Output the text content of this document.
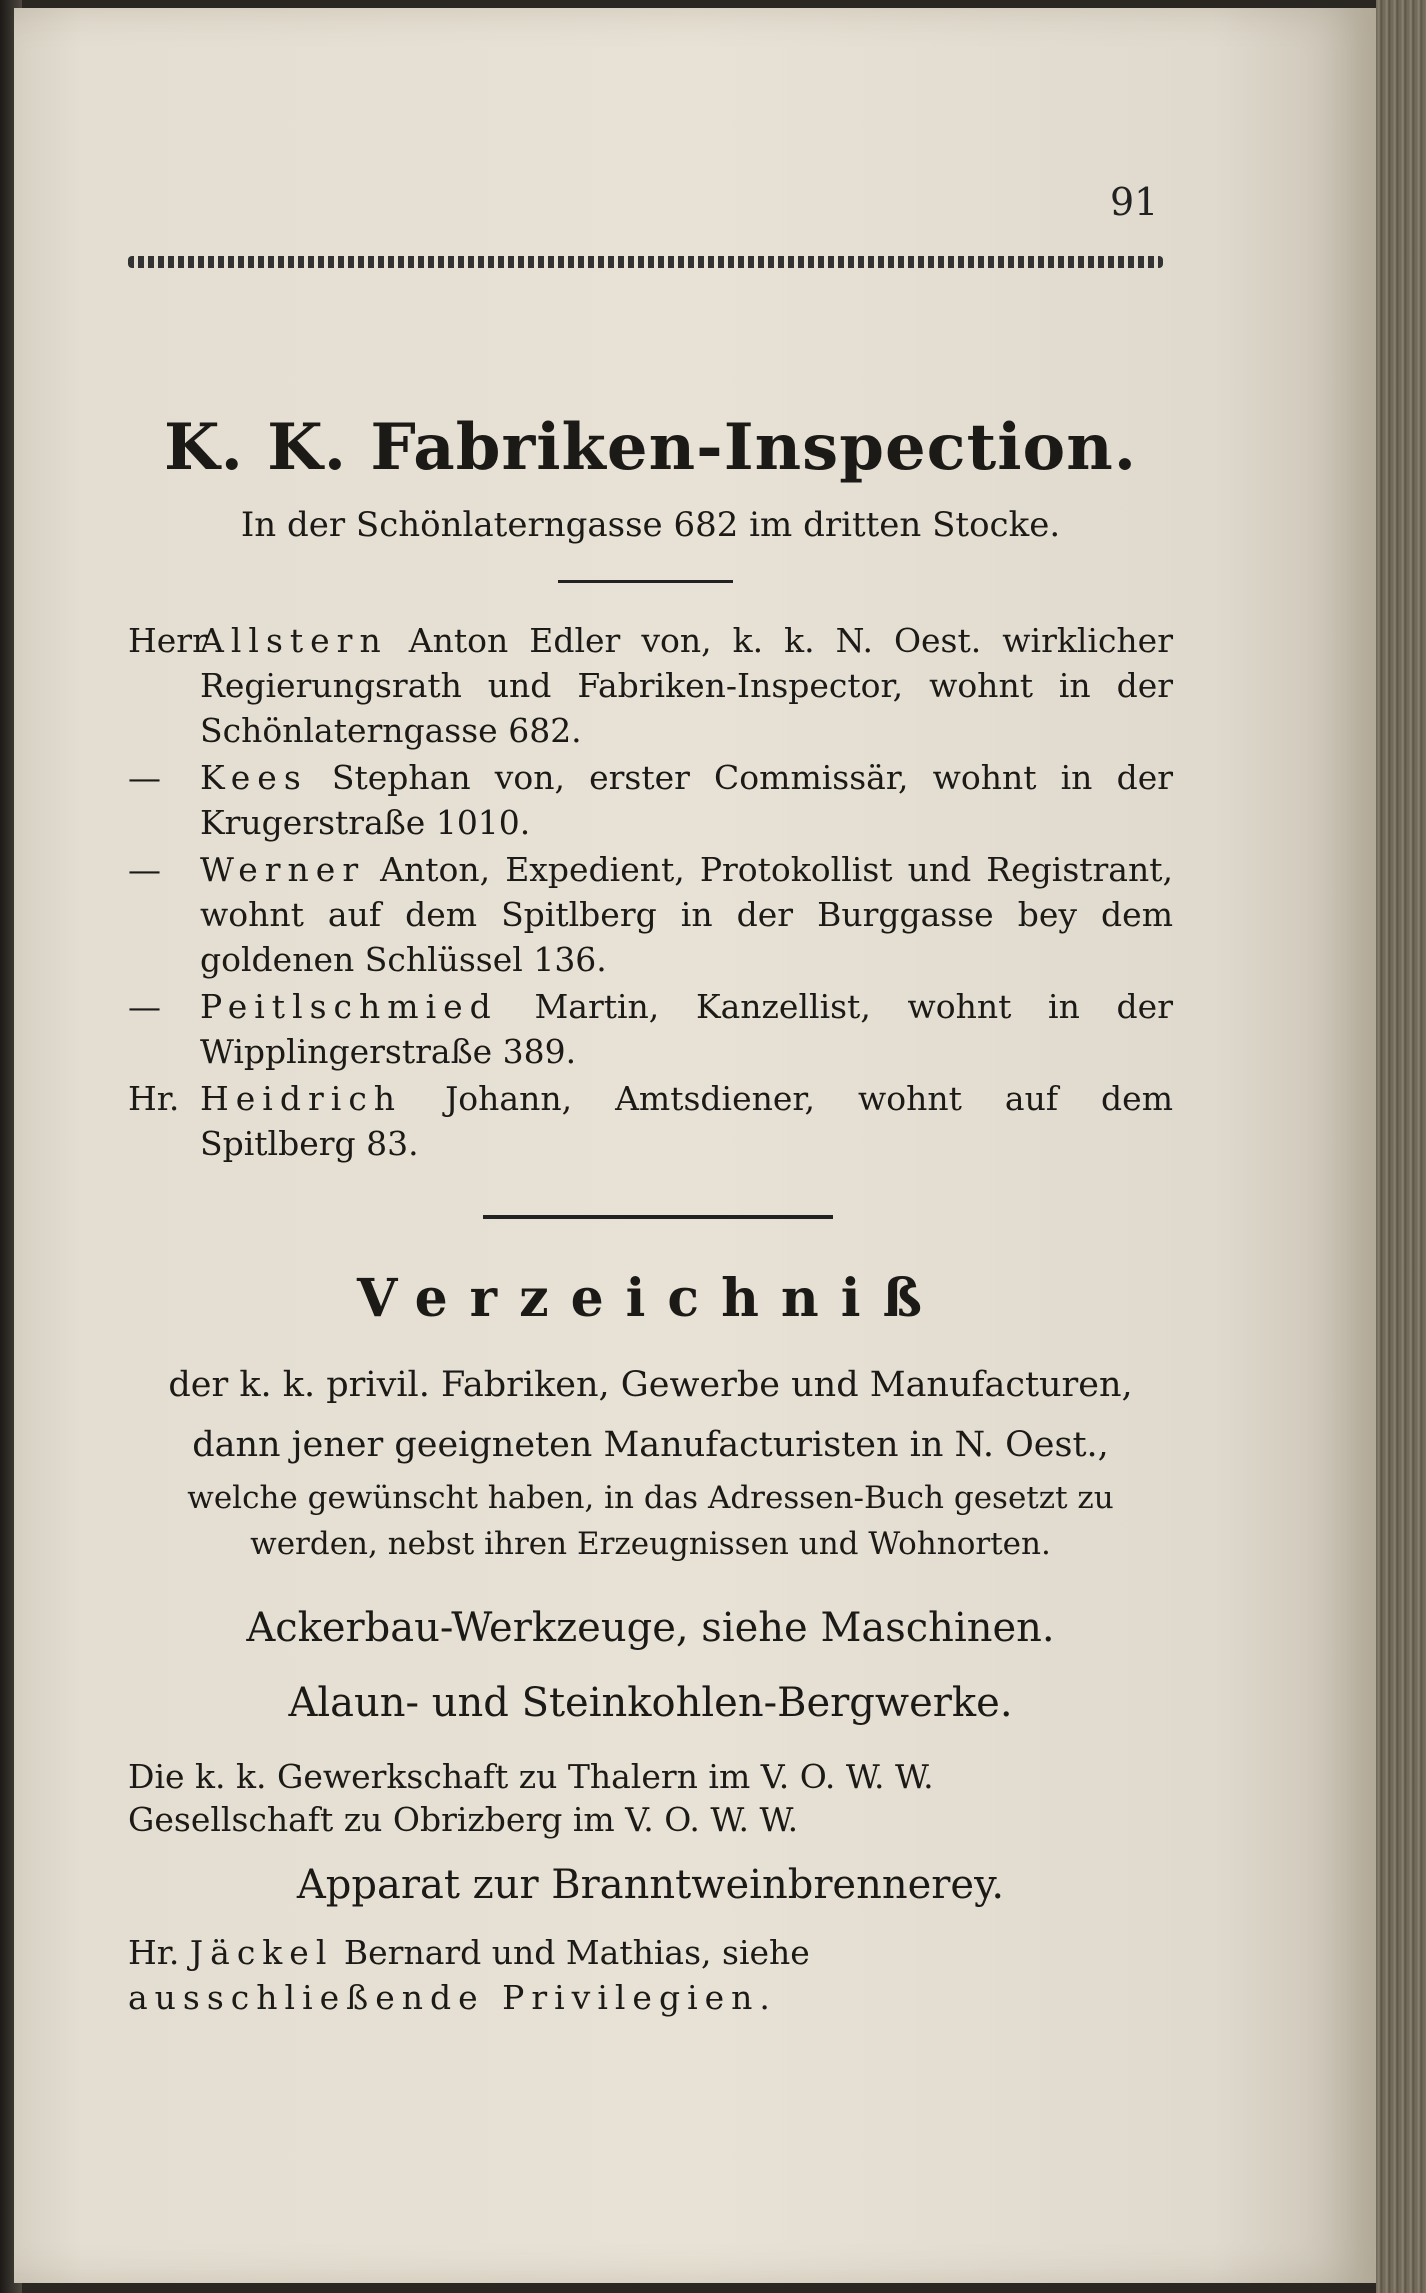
91
K. K. Fabriken-Inspection.
In der Schönlaterngasse 682 im dritten Stocke.
HerrAllstern Anton Edler von, k. k. N. Oest. wirklicher Regierungsrath und Fabriken-Inspector, wohnt in der Schönlaterngasse 682.
— Kees Stephan von, erster Commissär, wohnt in der Krugerstraße 1010.
— Werner Anton, Expedient, Protokollist und Registrant, wohnt auf dem Spitlberg in der Burggasse bey dem goldenen Schlüssel 136.
— Peitlschmied Martin, Kanzellist, wohnt in der Wipplingerstraße 389.
Hr. Heidrich Johann, Amtsdiener, wohnt auf dem Spitlberg 83.
Verzeichniß
der k. k. privil. Fabriken, Gewerbe und Manufacturen,
dann jener geeigneten Manufacturisten in N. Oest.,
welche gewünscht haben, in das Adressen-Buch gesetzt zu werden, nebst ihren Erzeugnissen und Wohnorten.
Ackerbau-Werkzeuge, siehe Maschinen.
Alaun- und Steinkohlen-Bergwerke.
Die k. k. Gewerkschaft zu Thalern im V. O. W. W.
Gesellschaft zu Obrizberg im V. O. W. W.
Apparat zur Branntweinbrennerey.
Hr. Jäckel Bernard und Mathias, siehe ausschließende Privilegien.
